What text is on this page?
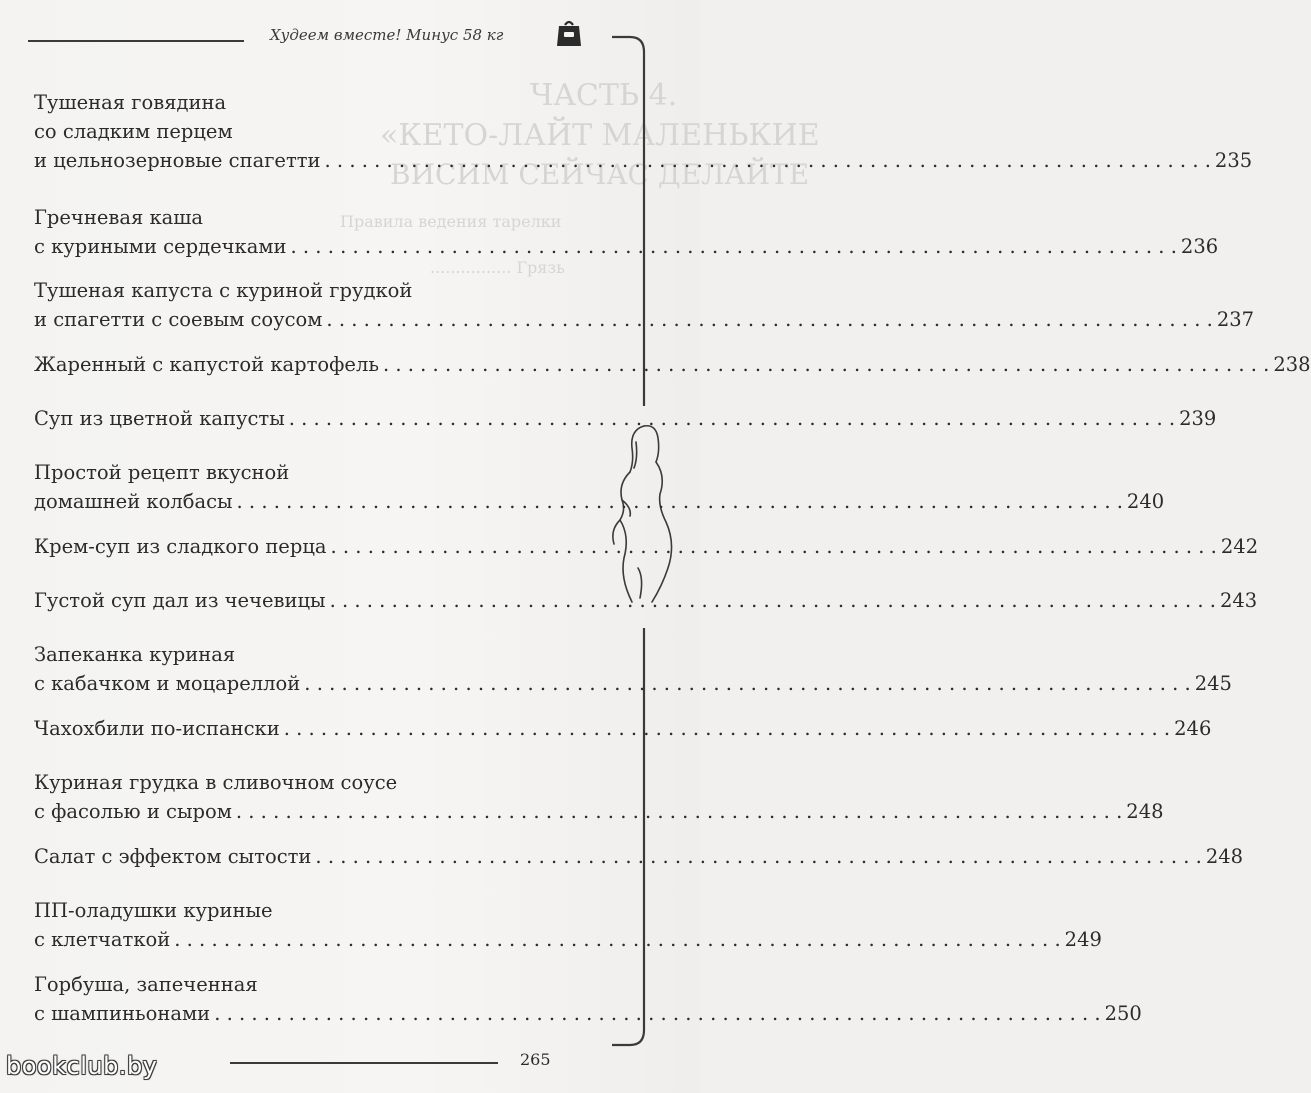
ЧАСТЬ 4.
«КЕТО-ЛАЙТ МАЛЕНЬКИЕ
ВИСИМ СЕЙЧАС ДЕЛАЙТЕ
Правила ведения тарелки
................ Грязь
Худеем вместе! Минус 58 кг
Тушеная говядина
со сладким перцем
и цельнозерновые спагетти . . .	235
Гречневая каша
с куриными сердечками . . .	236
Тушеная капуста с куриной грудкой
и спагетти с соевым соусом . . .	237
Жаренный с капустой картофель . . .	238
Суп из цветной капусты . . .	239
Простой рецепт вкусной
домашней колбасы . . .	240
Крем-суп из сладкого перца . . .	242
Густой суп дал из чечевицы . . .	243
Запеканка куриная
с кабачком и моцареллой . . .	245
Чахохбили по-испански . . .	246
Куриная грудка в сливочном соусе
с фасолью и сыром . . .	248
Салат с эффектом сытости . . .	248
ПП-оладушки куриные
с клетчаткой . . .	249
Горбуша, запеченная
с шампиньонами . . .	250
bookclub.by	265
